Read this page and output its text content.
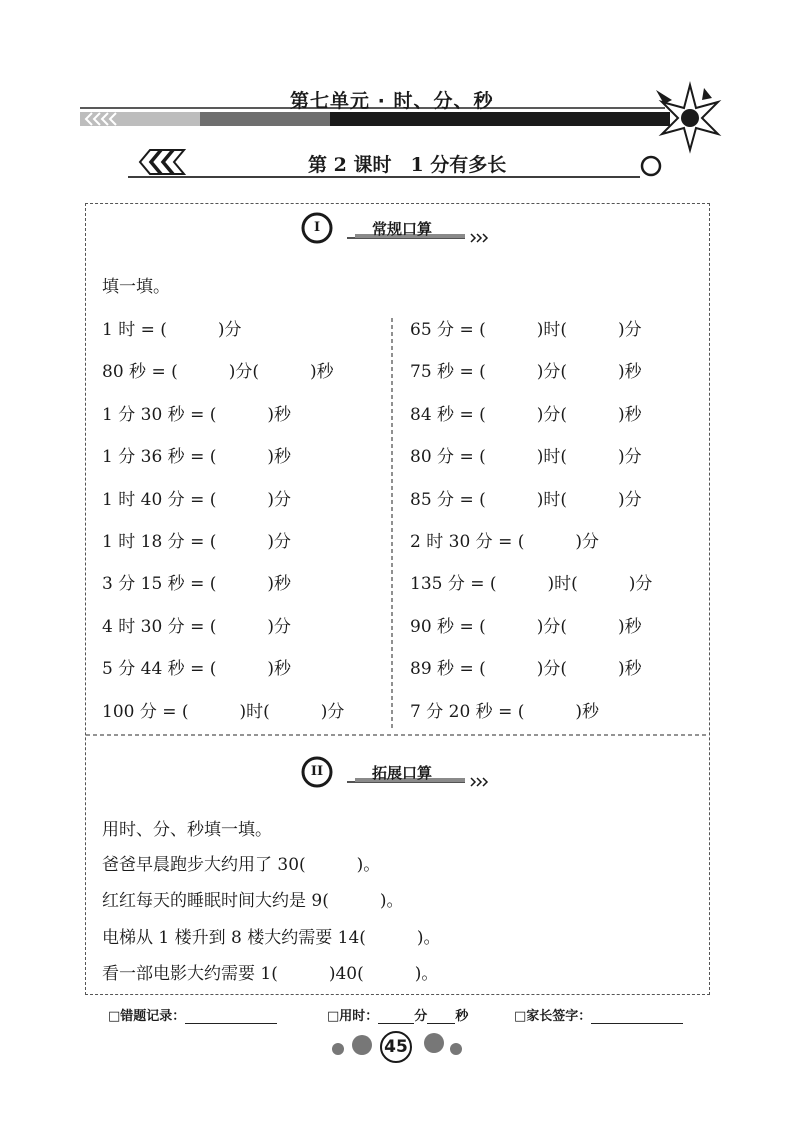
第七单元 · 时、分、秒
第 2 课时　1 分有多长
I	常规口算
填一填。
1 时 = (　　　)分
80 秒 = (　　　)分(　　　)秒
1 分 30 秒 = (　　　)秒
1 分 36 秒 = (　　　)秒
1 时 40 分 = (　　　)分
1 时 18 分 = (　　　)分
3 分 15 秒 = (　　　)秒
4 时 30 分 = (　　　)分
5 分 44 秒 = (　　　)秒
100 分 = (　　　)时(　　　)分
65 分 = (　　　)时(　　　)分
75 秒 = (　　　)分(　　　)秒
84 秒 = (　　　)分(　　　)秒
80 分 = (　　　)时(　　　)分
85 分 = (　　　)时(　　　)分
2 时 30 分 = (　　　)分
135 分 = (　　　)时(　　　)分
90 秒 = (　　　)分(　　　)秒
89 秒 = (　　　)分(　　　)秒
7 分 20 秒 = (　　　)秒
II	拓展口算
用时、分、秒填一填。
爸爸早晨跑步大约用了 30(　　　)。
红红每天的睡眠时间大约是 9(　　　)。
电梯从 1 楼升到 8 楼大约需要 14(　　　)。
看一部电影大约需要 1(　　　)40(　　　)。
□错题记录：	□用时：	分 秒	□家长签字：
45
